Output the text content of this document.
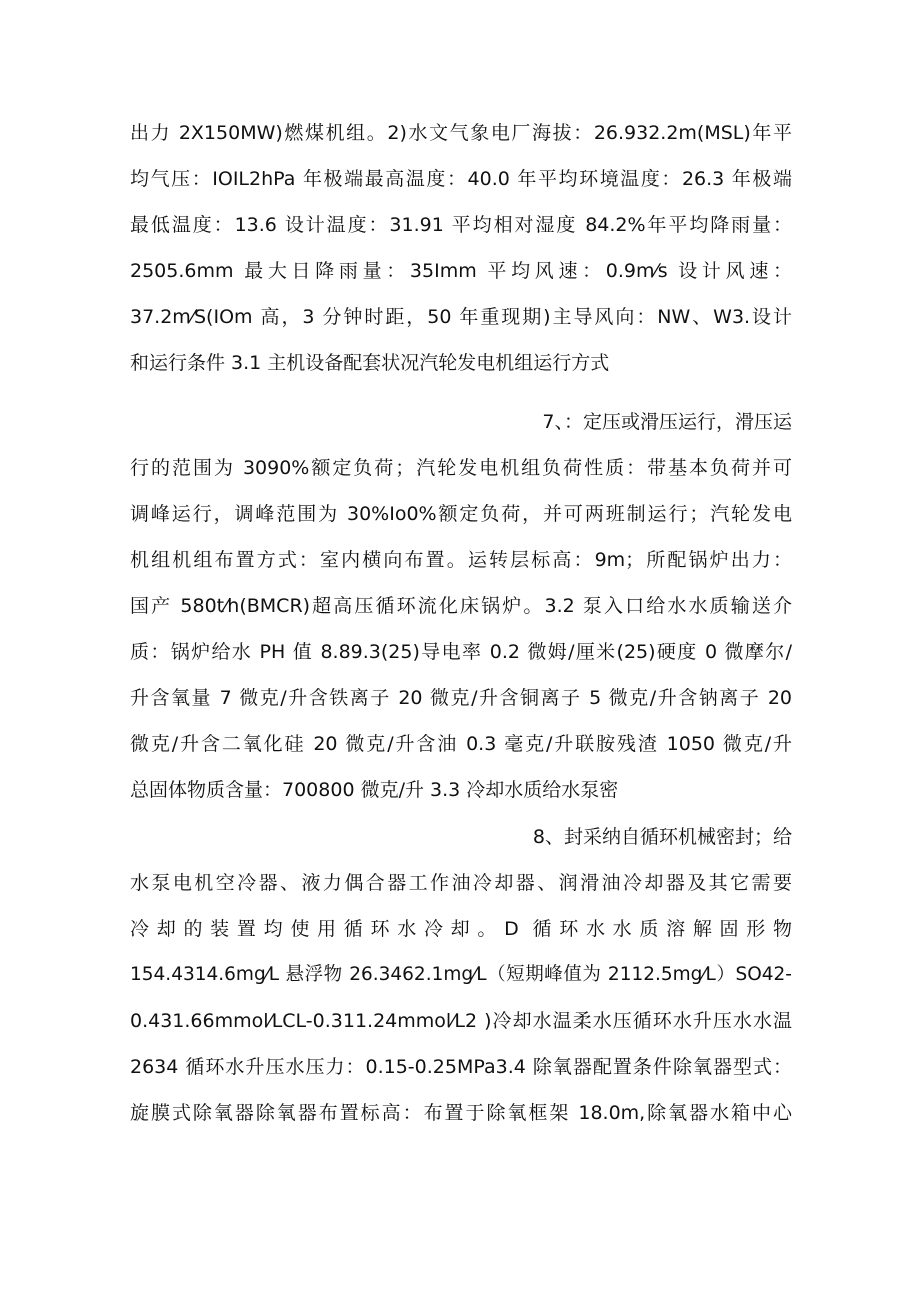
出力 2X150MW)燃煤机组。2)水文气象电厂海拔：26.932.2m(MSL)年平
均气压：IOIL2hPa 年极端最高温度：40.0 年平均环境温度：26.3 年极端
最低温度：13.6 设计温度：31.91 平均相对湿度 84.2%年平均降雨量：
2505.6mm 最大日降雨量：35Imm 平均风速：0.9m⁄s 设计风速：
37.2m⁄S(IOm 高，3 分钟时距，50 年重现期)主导风向：NW、W3.设计
和运行条件 3.1 主机设备配套状况汽轮发电机组运行方式
7、：定压或滑压运行，滑压运
行的范围为 3090%额定负荷；汽轮发电机组负荷性质：带基本负荷并可
调峰运行，调峰范围为 30%Io0%额定负荷，并可两班制运行；汽轮发电
机组机组布置方式：室内横向布置。运转层标高：9m；所配锅炉出力：
国产 580t⁄h(BMCR)超高压循环流化床锅炉。3.2 泵入口给水水质输送介
质：锅炉给水 PH 值 8.89.3(25)导电率 0.2 微姆/厘米(25)硬度 0 微摩尔/
升含氧量 7 微克/升含铁离子 20 微克/升含铜离子 5 微克/升含钠离子 20
微克/升含二氧化硅 20 微克/升含油 0.3 毫克/升联胺残渣 1050 微克/升
总固体物质含量：700800 微克/升 3.3 冷却水质给水泵密
8、封采纳自循环机械密封；给
水泵电机空冷器、液力偶合器工作油冷却器、润滑油冷却器及其它需要
冷却的装置均使用循环水冷却。D 循环水水质溶解固形物
154.4314.6mg⁄L 悬浮物 26.3462.1mg⁄L（短期峰值为 2112.5mg⁄L）SO42-
0.431.66mmol⁄LCL-0.311.24mmol⁄L2 )冷却水温柔水压循环水升压水水温
2634 循环水升压水压力：0.15-0.25MPa3.4 除氧器配置条件除氧器型式：
旋膜式除氧器除氧器布置标高：布置于除氧框架 18.0m,除氧器水箱中心
